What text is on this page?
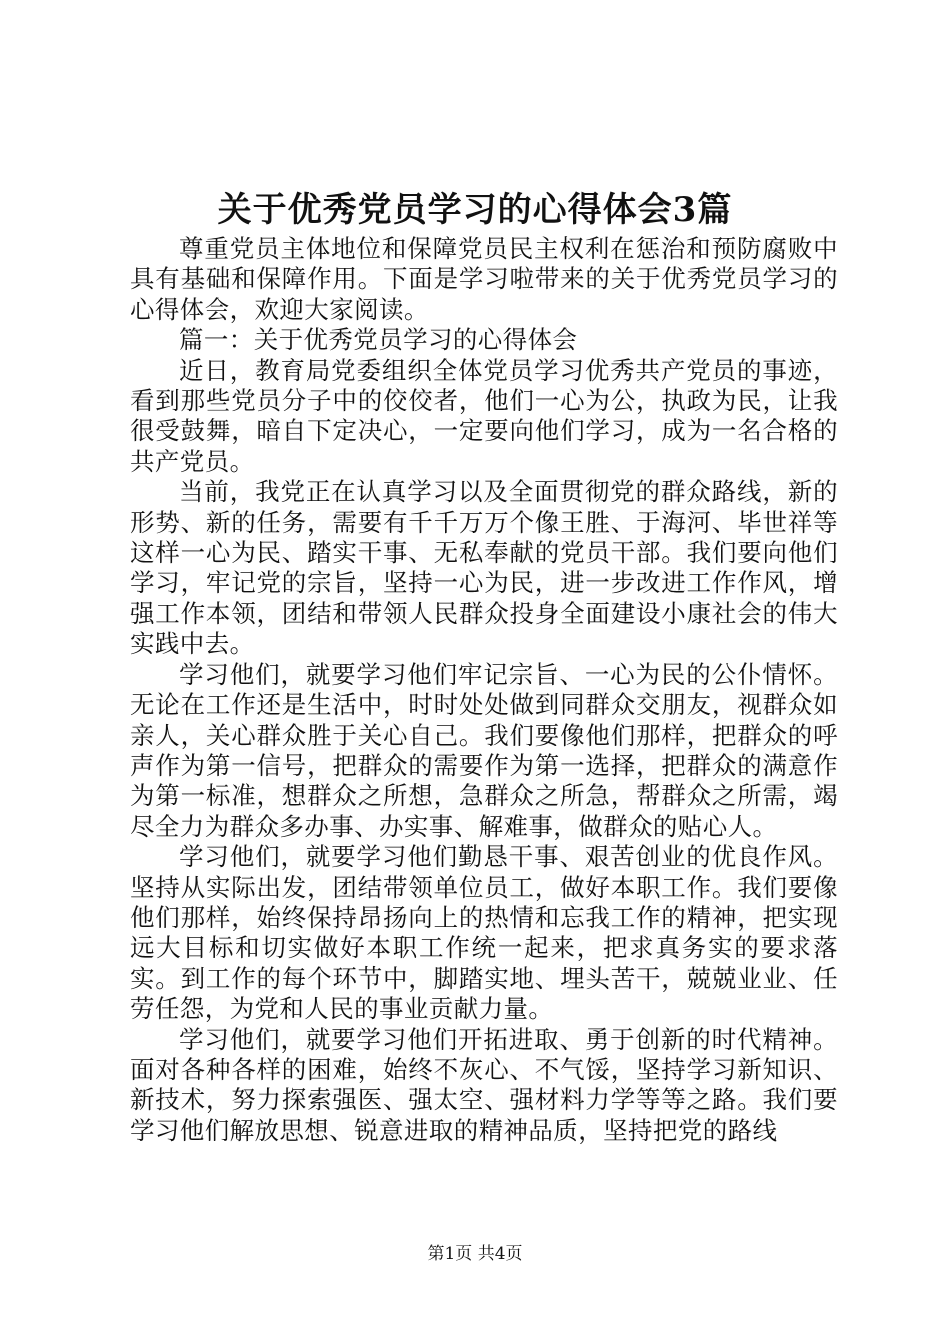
关于优秀党员学习的心得体会3篇

尊重党员主体地位和保障党员民主权利在惩治和预防腐败中具有基础和保障作用。下面是学习啦带来的关于优秀党员学习的心得体会，欢迎大家阅读。

篇一：关于优秀党员学习的心得体会

近日，教育局党委组织全体党员学习优秀共产党员的事迹，看到那些党员分子中的佼佼者，他们一心为公，执政为民，让我很受鼓舞，暗自下定决心，一定要向他们学习，成为一名合格的共产党员。

当前，我党正在认真学习以及全面贯彻党的群众路线，新的形势、新的任务，需要有千千万万个像王胜、于海河、毕世祥等这样一心为民、踏实干事、无私奉献的党员干部。我们要向他们学习，牢记党的宗旨，坚持一心为民，进一步改进工作作风，增强工作本领，团结和带领人民群众投身全面建设小康社会的伟大实践中去。

学习他们，就要学习他们牢记宗旨、一心为民的公仆情怀。无论在工作还是生活中，时时处处做到同群众交朋友，视群众如亲人，关心群众胜于关心自己。我们要像他们那样，把群众的呼声作为第一信号，把群众的需要作为第一选择，把群众的满意作为第一标准，想群众之所想，急群众之所急，帮群众之所需，竭尽全力为群众多办事、办实事、解难事，做群众的贴心人。

学习他们，就要学习他们勤恳干事、艰苦创业的优良作风。坚持从实际出发，团结带领单位员工，做好本职工作。我们要像他们那样，始终保持昂扬向上的热情和忘我工作的精神，把实现远大目标和切实做好本职工作统一起来，把求真务实的要求落实。到工作的每个环节中，脚踏实地、埋头苦干，兢兢业业、任劳任怨，为党和人民的事业贡献力量。

学习他们，就要学习他们开拓进取、勇于创新的时代精神。面对各种各样的困难，始终不灰心、不气馁，坚持学习新知识、新技术，努力探索强医、强太空、强材料力学等等之路。我们要学习他们解放思想、锐意进取的精神品质，坚持把党的路线

第1页 共4页
